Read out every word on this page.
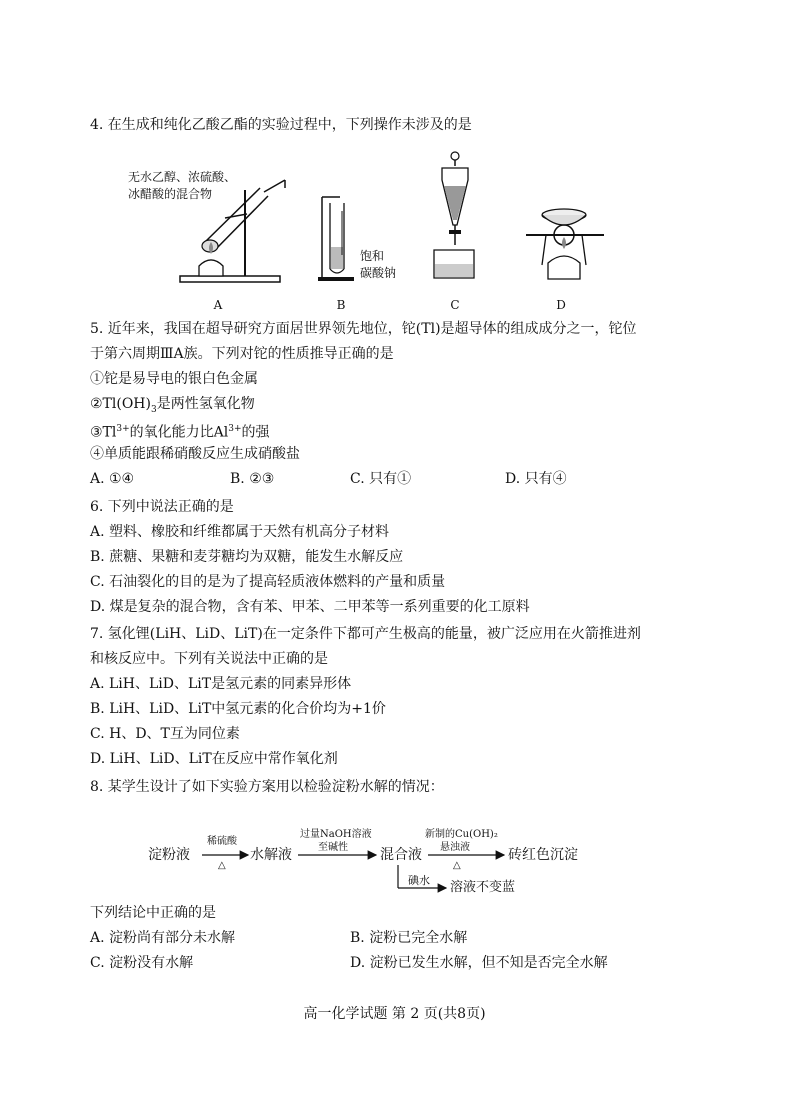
4. 在生成和纯化乙酸乙酯的实验过程中，下列操作未涉及的是
无水乙醇、浓硫酸、
冰醋酸的混合物
A
饱和
碳酸钠
B	C	D
5. 近年来，我国在超导研究方面居世界领先地位，铊(Tl)是超导体的组成成分之一，铊位
于第六周期ⅢA族。下列对铊的性质推导正确的是
①铊是易导电的银白色金属
$②Tl(OH)_3$是两性氢氧化物
$③Tl^{3+}$的氧化能力比$Al^{3+}$的强
④单质能跟稀硝酸反应生成硝酸盐
A. ①④	B. ②③	C. 只有①	D. 只有④
6. 下列中说法正确的是
A. 塑料、橡胶和纤维都属于天然有机高分子材料
B. 蔗糖、果糖和麦芽糖均为双糖，能发生水解反应
C. 石油裂化的目的是为了提高轻质液体燃料的产量和质量
D. 煤是复杂的混合物，含有苯、甲苯、二甲苯等一系列重要的化工原料
7. 氢化锂(LiH、LiD、LiT)在一定条件下都可产生极高的能量，被广泛应用在火箭推进剂
和核反应中。下列有关说法中正确的是
A. LiH、LiD、LiT是氢元素的同素异形体
B. LiH、LiD、LiT中氢元素的化合价均为+1价
C. H、D、T互为同位素
D. LiH、LiD、LiT在反应中常作氧化剂
8. 某学生设计了如下实验方案用以检验淀粉水解的情况：
淀粉液
稀硫酸
△
水解液
过量NaOH溶液
至碱性 混合液
新制的Cu(OH)₂
悬浊液
△
砖红色沉淀
碘水 溶液不变蓝
下列结论中正确的是
A. 淀粉尚有部分未水解	B. 淀粉已完全水解
C. 淀粉没有水解	D. 淀粉已发生水解，但不知是否完全水解
高一化学试题 第 2 页(共8页)
